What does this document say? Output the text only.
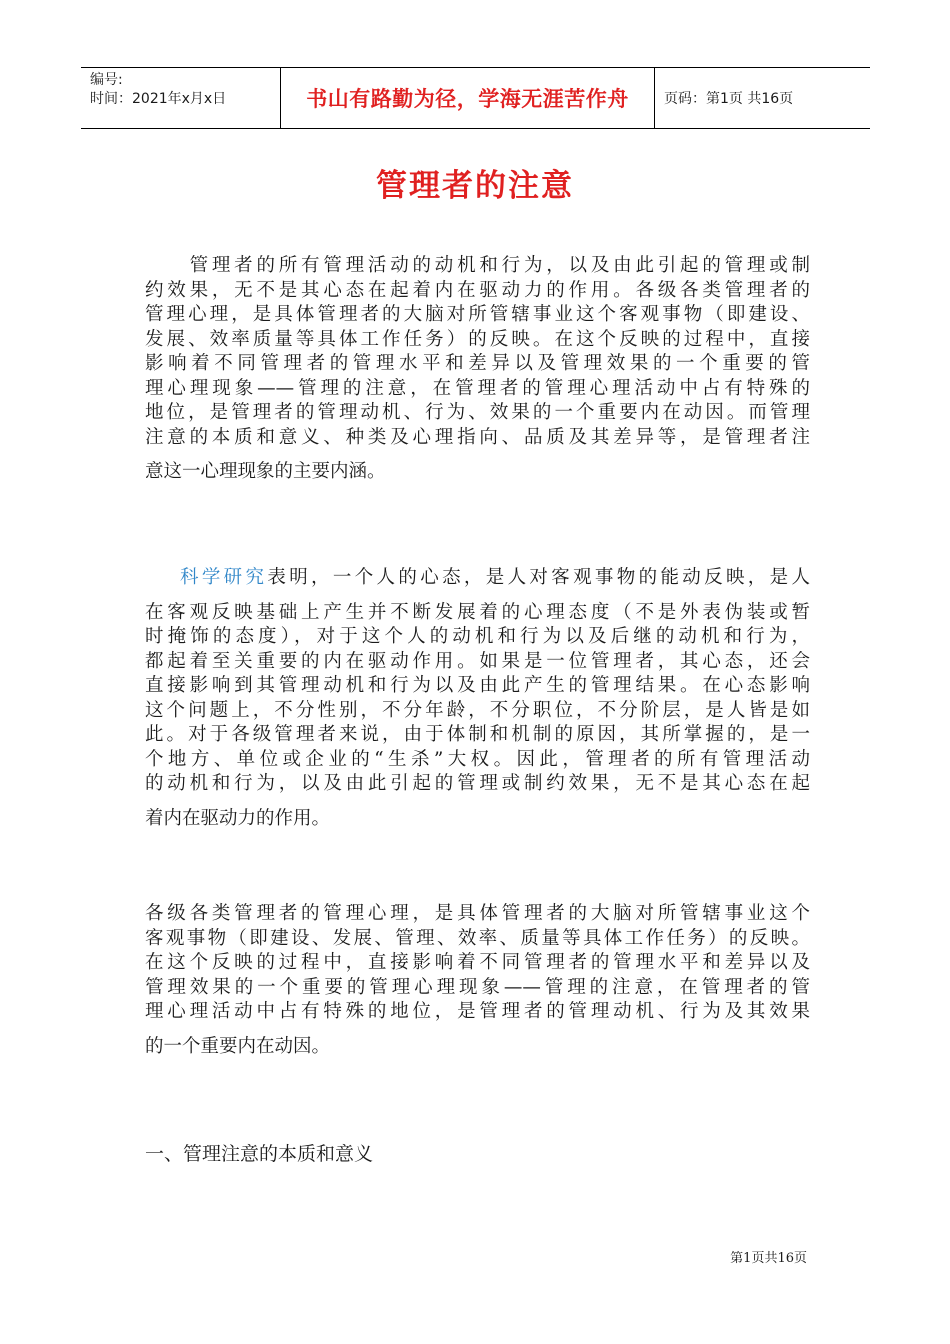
编号:
时间：2021年x月x日	书山有路勤为径，学海无涯苦作舟	页码：第1页 共16页
管理者的注意
　　管理者的所有管理活动的动机和行为，以及由此引起的管理或制
约效果，无不是其心态在起着内在驱动力的作用。各级各类管理者的
管理心理，是具体管理者的大脑对所管辖事业这个客观事物（即建设、
发展、效率质量等具体工作任务）的反映。在这个反映的过程中，直接
影响着不同管理者的管理水平和差异以及管理效果的一个重要的管
理心理现象——管理的注意，在管理者的管理心理活动中占有特殊的
地位，是管理者的管理动机、行为、效果的一个重要内在动因。而管理
注意的本质和意义、种类及心理指向、品质及其差异等，是管理者注
意这一心理现象的主要内涵。
科学研究表明，一个人的心态，是人对客观事物的能动反映，是人
在客观反映基础上产生并不断发展着的心理态度（不是外表伪装或暂
时掩饰的态度），对于这个人的动机和行为以及后继的动机和行为，
都起着至关重要的内在驱动作用。如果是一位管理者，其心态，还会
直接影响到其管理动机和行为以及由此产生的管理结果。在心态影响
这个问题上，不分性别，不分年龄，不分职位，不分阶层，是人皆是如
此。对于各级管理者来说，由于体制和机制的原因，其所掌握的，是一
个地方、单位或企业的“生杀”大权。因此，管理者的所有管理活动
的动机和行为，以及由此引起的管理或制约效果，无不是其心态在起
着内在驱动力的作用。
各级各类管理者的管理心理，是具体管理者的大脑对所管辖事业这个
客观事物（即建设、发展、管理、效率、质量等具体工作任务）的反映。
在这个反映的过程中，直接影响着不同管理者的管理水平和差异以及
管理效果的一个重要的管理心理现象——管理的注意，在管理者的管
理心理活动中占有特殊的地位，是管理者的管理动机、行为及其效果
的一个重要内在动因。
一、管理注意的本质和意义
第1页共16页
